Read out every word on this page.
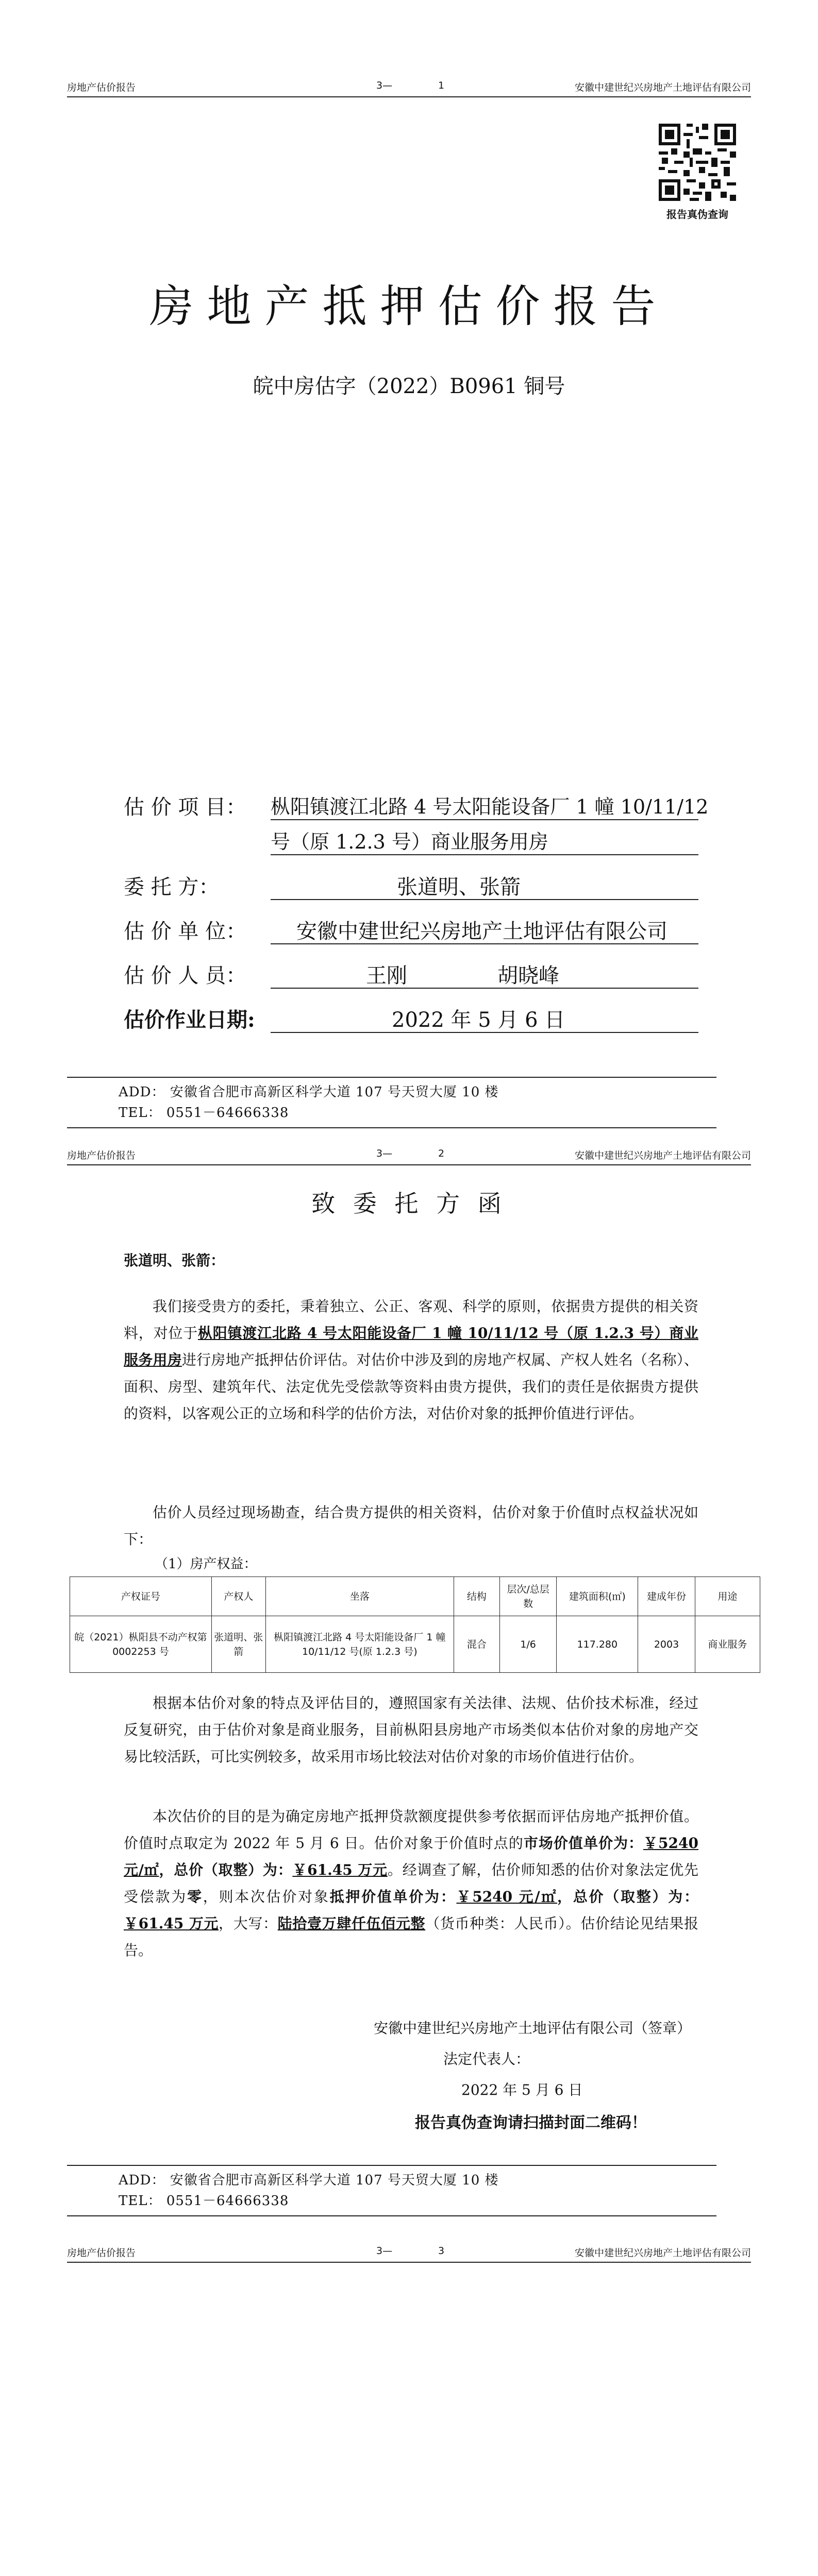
房地产估价报告	3—	1	安徽中建世纪兴房地产土地评估有限公司
报告真伪查询
房地产抵押估价报告
皖中房估字（2022）B0961 铜号
估 价 项 目： 枞阳镇渡江北路 4 号太阳能设备厂 1 幢 10/11/12
号（原 1.2.3 号）商业服务用房
委 托 方：	张道明、张箭
估 价 单 位： 安徽中建世纪兴房地产土地评估有限公司
估 价 人 员：	王刚	胡晓峰
估价作业日期:	2022 年 5 月 6 日
ADD： 安徽省合肥市高新区科学大道 107 号天贸大厦 10 楼
TEL： 0551－64666338
房地产估价报告	3—	2	安徽中建世纪兴房地产土地评估有限公司
致 委 托 方 函
张道明、张箭：
我们接受贵方的委托，秉着独立、公正、客观、科学的原则，依据贵方提供的相关资料，对位于枞阳镇渡江北路 4 号太阳能设备厂 1 幢 10/11/12 号（原 1.2.3 号）商业服务用房进行房地产抵押估价评估。对估价中涉及到的房地产权属、产权人姓名（名称）、面积、房型、建筑年代、法定优先受偿款等资料由贵方提供，我们的责任是依据贵方提供的资料，以客观公正的立场和科学的估价方法，对估价对象的抵押价值进行评估。
估价人员经过现场勘查，结合贵方提供的相关资料，估价对象于价值时点权益状况如下：
（1）房产权益：
产权证号	产权人	坐落	结构	层次/总层数	建筑面积(㎡)	建成年份	用途
皖（2021）枞阳县不动产权第 0002253 号	张道明、张箭	枞阳镇渡江北路 4 号太阳能设备厂 1 幢 10/11/12 号(原 1.2.3 号)	混合	1/6	117.280	2003	商业服务
根据本估价对象的特点及评估目的，遵照国家有关法律、法规、估价技术标准，经过反复研究，由于估价对象是商业服务，目前枞阳县房地产市场类似本估价对象的房地产交易比较活跃，可比实例较多，故采用市场比较法对估价对象的市场价值进行估价。
本次估价的目的是为确定房地产抵押贷款额度提供参考依据而评估房地产抵押价值。价值时点取定为 2022 年 5 月 6 日。估价对象于价值时点的市场价值单价为：￥5240 元/㎡，总价（取整）为：￥61.45 万元。经调查了解，估价师知悉的估价对象法定优先受偿款为零，则本次估价对象抵押价值单价为：￥5240 元/㎡，总价（取整）为：￥61.45 万元，大写：陆拾壹万肆仟伍佰元整（货币种类：人民币）。估价结论见结果报告。
安徽中建世纪兴房地产土地评估有限公司（签章）
法定代表人：
2022 年 5 月 6 日
报告真伪查询请扫描封面二维码！
ADD： 安徽省合肥市高新区科学大道 107 号天贸大厦 10 楼
TEL： 0551－64666338
房地产估价报告	3—	3	安徽中建世纪兴房地产土地评估有限公司
